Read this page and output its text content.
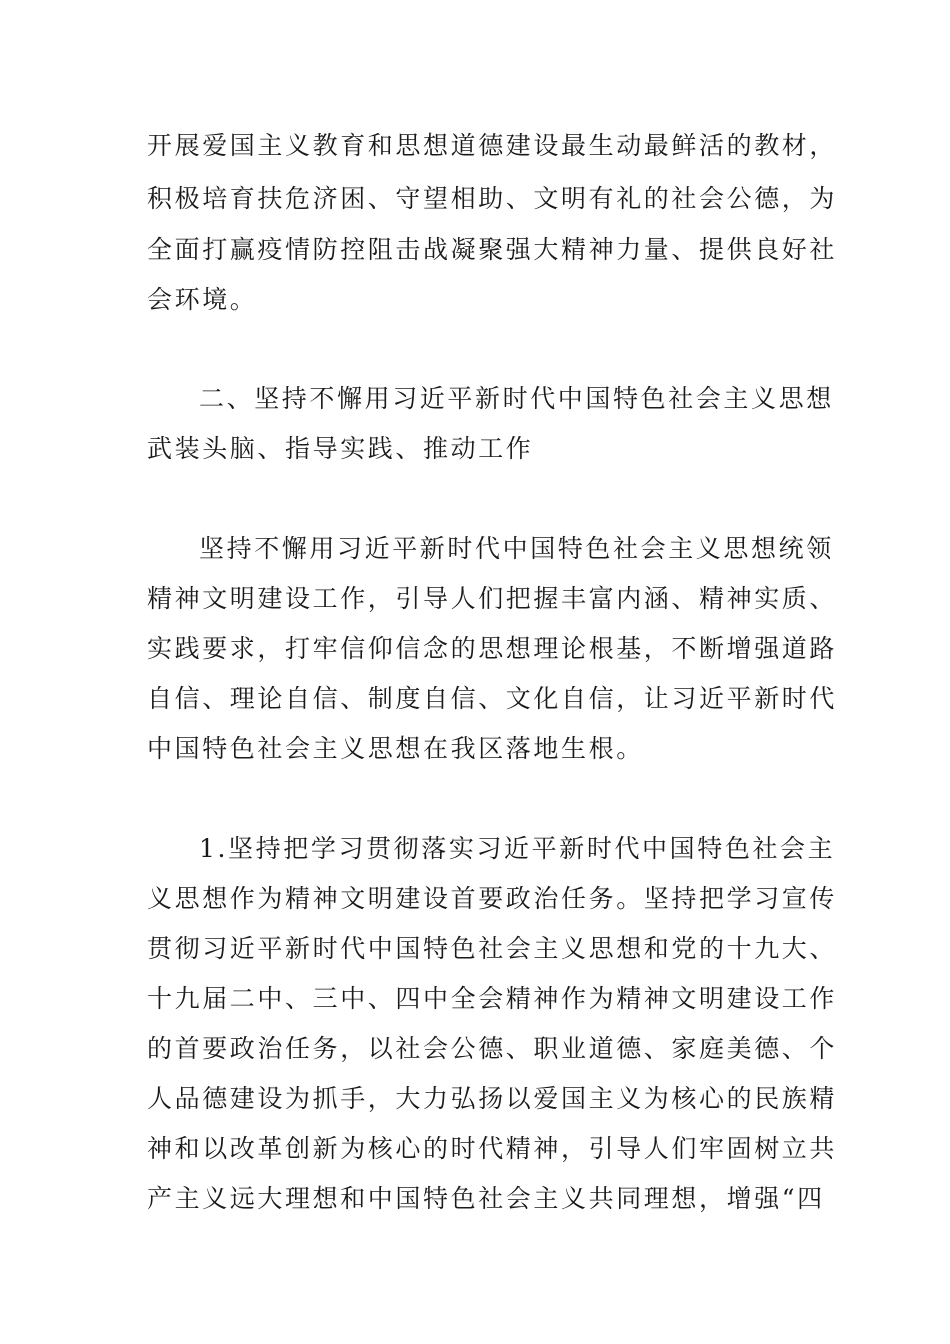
开展爱国主义教育和思想道德建设最生动最鲜活的教材，
积极培育扶危济困、守望相助、文明有礼的社会公德，为
全面打赢疫情防控阻击战凝聚强大精神力量、提供良好社
会环境。
二、坚持不懈用习近平新时代中国特色社会主义思想
武装头脑、指导实践、推动工作
坚持不懈用习近平新时代中国特色社会主义思想统领
精神文明建设工作，引导人们把握丰富内涵、精神实质、
实践要求，打牢信仰信念的思想理论根基，不断增强道路
自信、理论自信、制度自信、文化自信，让习近平新时代
中国特色社会主义思想在我区落地生根。
1.坚持把学习贯彻落实习近平新时代中国特色社会主
义思想作为精神文明建设首要政治任务。坚持把学习宣传
贯彻习近平新时代中国特色社会主义思想和党的十九大、
十九届二中、三中、四中全会精神作为精神文明建设工作
的首要政治任务，以社会公德、职业道德、家庭美德、个
人品德建设为抓手，大力弘扬以爱国主义为核心的民族精
神和以改革创新为核心的时代精神，引导人们牢固树立共
产主义远大理想和中国特色社会主义共同理想，增强“四
